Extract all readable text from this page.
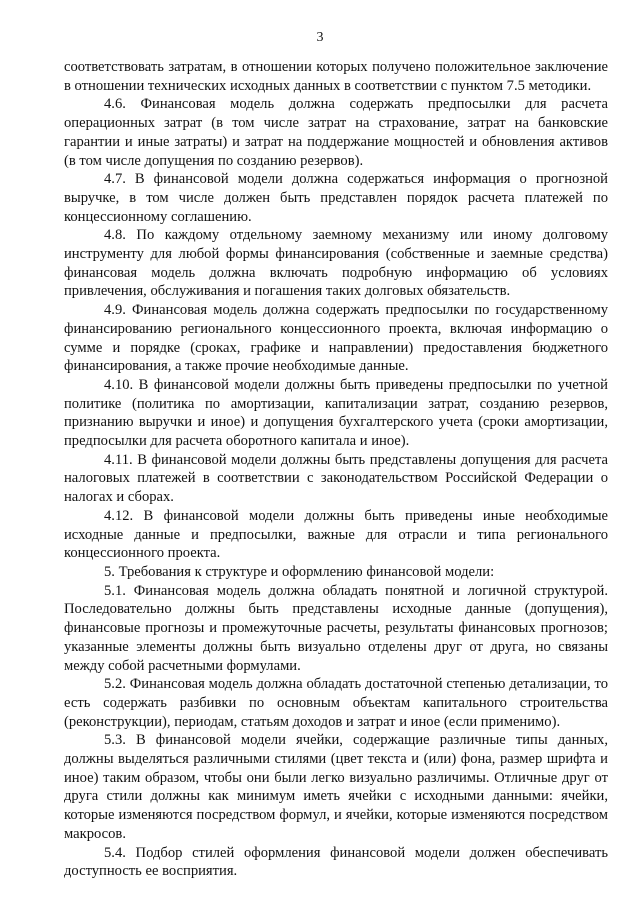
3

соответствовать затратам, в отношении которых получено положительное заключение в отношении технических исходных данных в соответствии с пунктом 7.5 методики.

4.6. Финансовая модель должна содержать предпосылки для расчета операционных затрат (в том числе затрат на страхование, затрат на банковские гарантии и иные затраты) и затрат на поддержание мощностей и обновления активов (в том числе допущения по созданию резервов).

4.7. В финансовой модели должна содержаться информация о прогнозной выручке, в том числе должен быть представлен порядок расчета платежей по концессионному соглашению.

4.8. По каждому отдельному заемному механизму или иному долговому инструменту для любой формы финансирования (собственные и заемные средства) финансовая модель должна включать подробную информацию об условиях привлечения, обслуживания и погашения таких долговых обязательств.

4.9. Финансовая модель должна содержать предпосылки по государственному финансированию регионального концессионного проекта, включая информацию о сумме и порядке (сроках, графике и направлении) предоставления бюджетного финансирования, а также прочие необходимые данные.

4.10. В финансовой модели должны быть приведены предпосылки по учетной политике (политика по амортизации, капитализации затрат, созданию резервов, признанию выручки и иное) и допущения бухгалтерского учета (сроки амортизации, предпосылки для расчета оборотного капитала и иное).

4.11. В финансовой модели должны быть представлены допущения для расчета налоговых платежей в соответствии с законодательством Российской Федерации о налогах и сборах.

4.12. В финансовой модели должны быть приведены иные необходимые исходные данные и предпосылки, важные для отрасли и типа регионального концессионного проекта.

5. Требования к структуре и оформлению финансовой модели:

5.1. Финансовая модель должна обладать понятной и логичной структурой. Последовательно должны быть представлены исходные данные (допущения), финансовые прогнозы и промежуточные расчеты, результаты финансовых прогнозов; указанные элементы должны быть визуально отделены друг от друга, но связаны между собой расчетными формулами.

5.2. Финансовая модель должна обладать достаточной степенью детализации, то есть содержать разбивки по основным объектам капитального строительства (реконструкции), периодам, статьям доходов и затрат и иное (если применимо).

5.3. В финансовой модели ячейки, содержащие различные типы данных, должны выделяться различными стилями (цвет текста и (или) фона, размер шрифта и иное) таким образом, чтобы они были легко визуально различимы. Отличные друг от друга стили должны как минимум иметь ячейки с исходными данными: ячейки, которые изменяются посредством формул, и ячейки, которые изменяются посредством макросов.

5.4. Подбор стилей оформления финансовой модели должен обеспечивать доступность ее восприятия.
